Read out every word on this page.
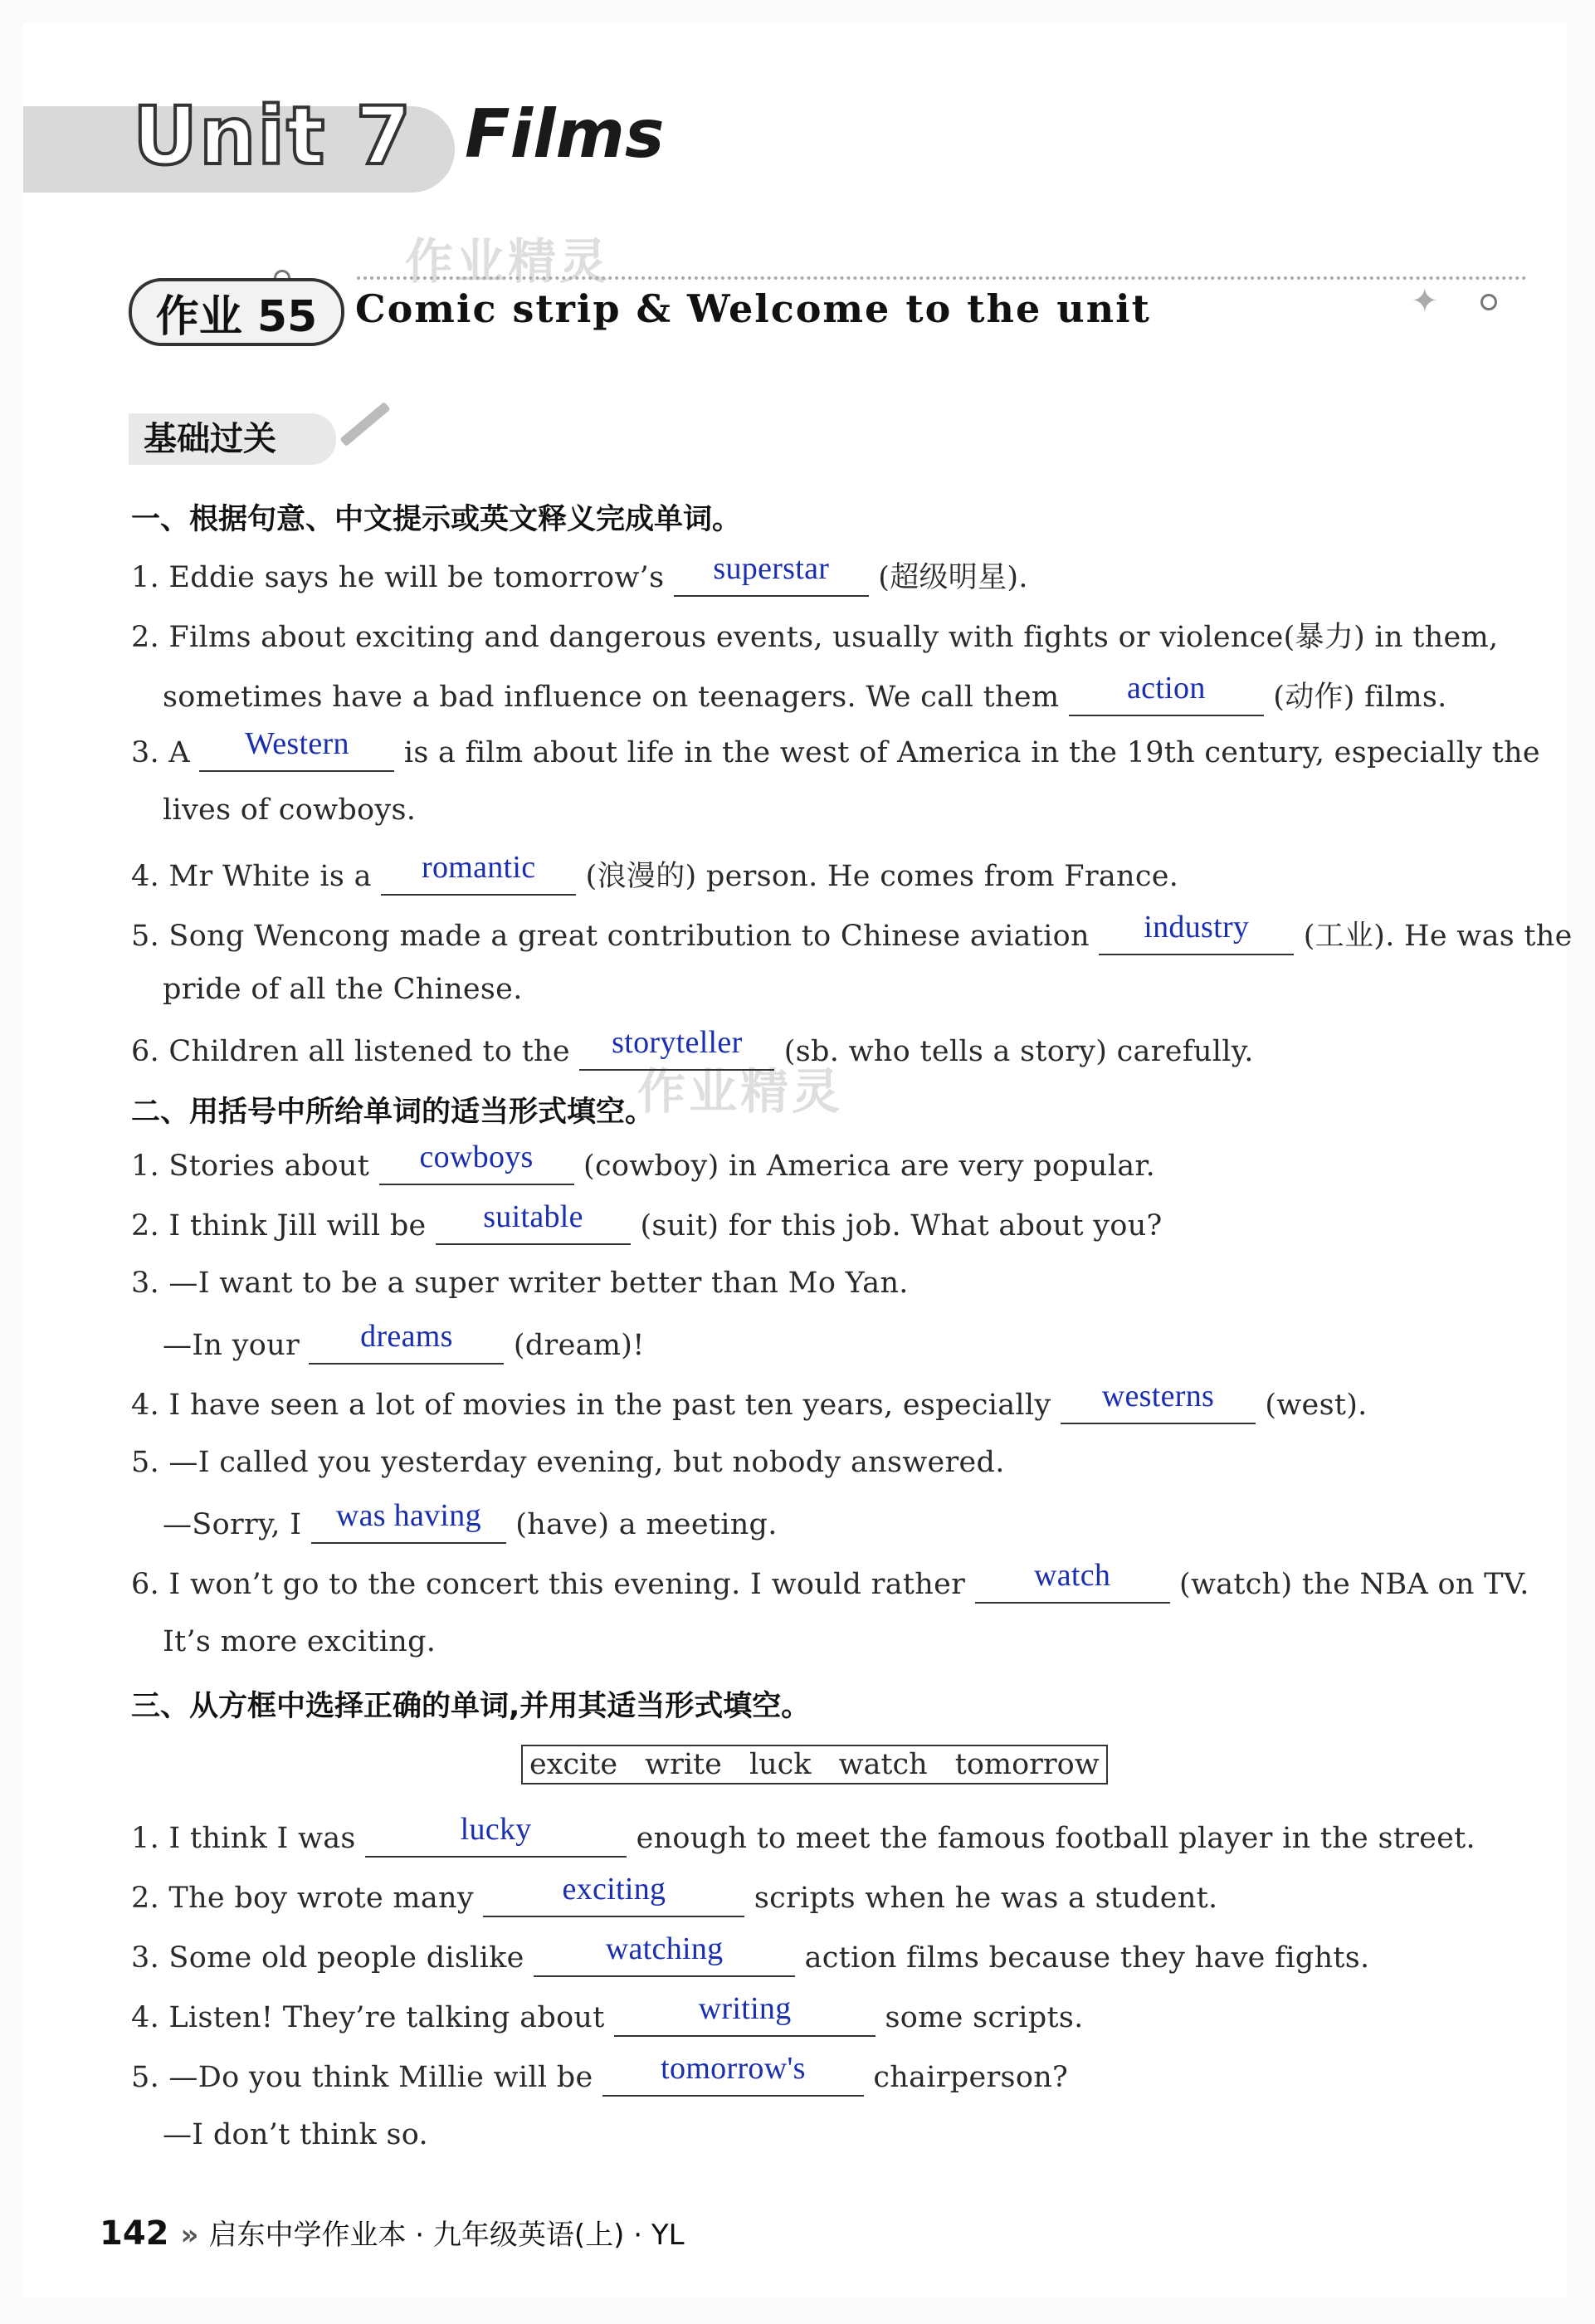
作业精灵
作业精灵
Unit 7 Films
✦
作业 55 Comic strip & Welcome to the unit
基础过关
一、根据句意、中文提示或英文释义完成单词。
1. Eddie says he will be tomorrow’s superstar (超级明星).
2. Films about exciting and dangerous events, usually with fights or violence(暴力) in them,
sometimes have a bad influence on teenagers. We call them action (动作) films.
3. A Western is a film about life in the west of America in the 19th century, especially the
lives of cowboys.
4. Mr White is a romantic (浪漫的) person. He comes from France.
5. Song Wencong made a great contribution to Chinese aviation industry (工业). He was the
pride of all the Chinese.
6. Children all listened to the storyteller (sb. who tells a story) carefully.
二、用括号中所给单词的适当形式填空。
1. Stories about cowboys (cowboy) in America are very popular.
2. I think Jill will be suitable (suit) for this job. What about you?
3. —I want to be a super writer better than Mo Yan.
—In your dreams (dream)!
4. I have seen a lot of movies in the past ten years, especially westerns (west).
5. —I called you yesterday evening, but nobody answered.
—Sorry, I was having (have) a meeting.
6. I won’t go to the concert this evening. I would rather watch (watch) the NBA on TV.
It’s more exciting.
三、从方框中选择正确的单词,并用其适当形式填空。
excite write luck watch tomorrow
1. I think I was	lucky	enough to meet the famous football player in the street.
2. The boy wrote many	exciting	scripts when he was a student.
3. Some old people dislike	watching	action films because they have fights.
4. Listen! They’re talking about	writing	some scripts.
5. —Do you think Millie will be tomorrow's chairperson?
—I don’t think so.
142 » 启东中学作业本 · 九年级英语(上) · YL
